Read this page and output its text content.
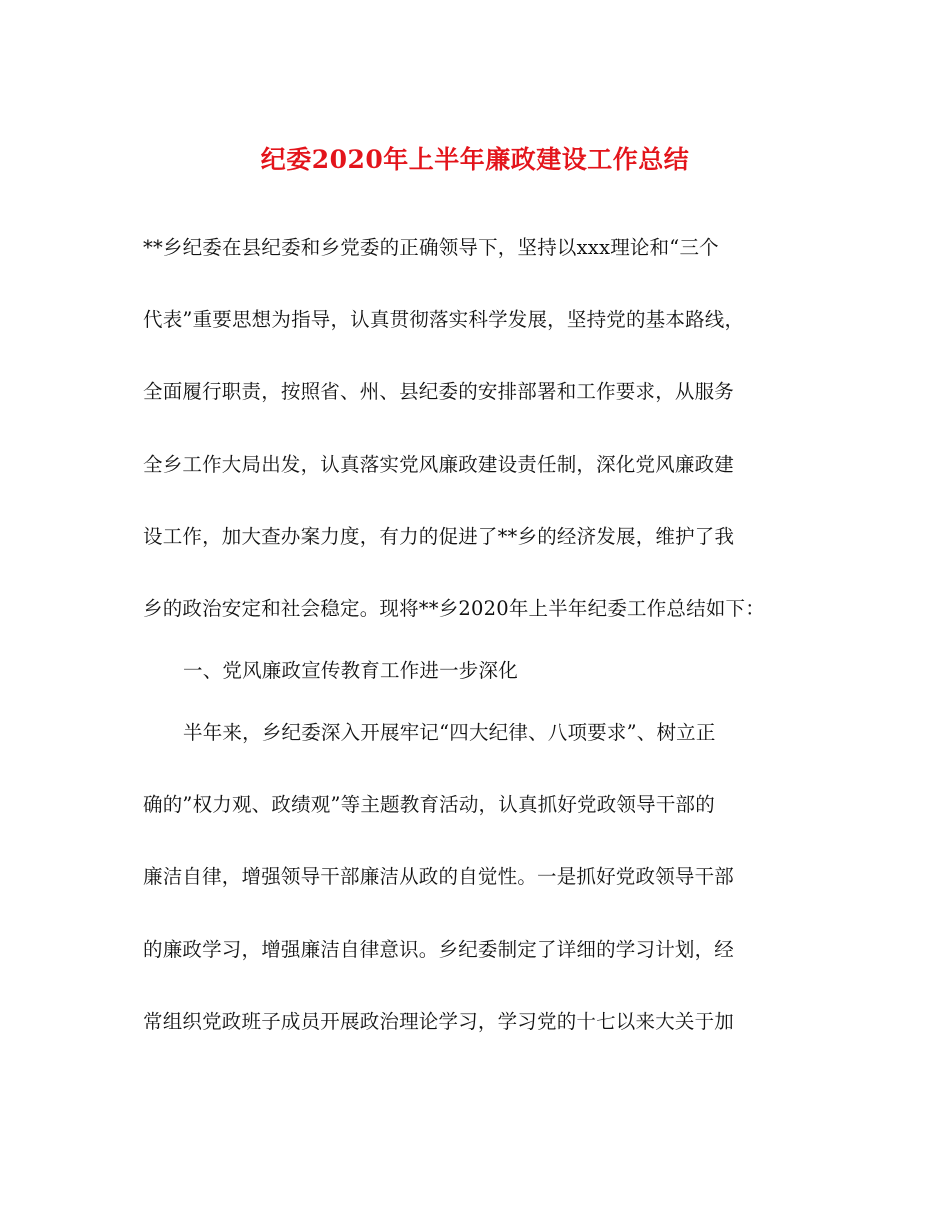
纪委2020年上半年廉政建设工作总结
**乡纪委在县纪委和乡党委的正确领导下，坚持以xxx理论和“三个
代表”重要思想为指导，认真贯彻落实科学发展，坚持党的基本路线，
全面履行职责，按照省、州、县纪委的安排部署和工作要求，从服务
全乡工作大局出发，认真落实党风廉政建设责任制，深化党风廉政建
设工作，加大查办案力度，有力的促进了**乡的经济发展，维护了我
乡的政治安定和社会稳定。现将**乡2020年上半年纪委工作总结如下：
一、党风廉政宣传教育工作进一步深化
半年来，乡纪委深入开展牢记“四大纪律、八项要求”、树立正
确的”权力观、政绩观”等主题教育活动，认真抓好党政领导干部的
廉洁自律，增强领导干部廉洁从政的自觉性。一是抓好党政领导干部
的廉政学习，增强廉洁自律意识。乡纪委制定了详细的学习计划，经
常组织党政班子成员开展政治理论学习，学习党的十七以来大关于加
